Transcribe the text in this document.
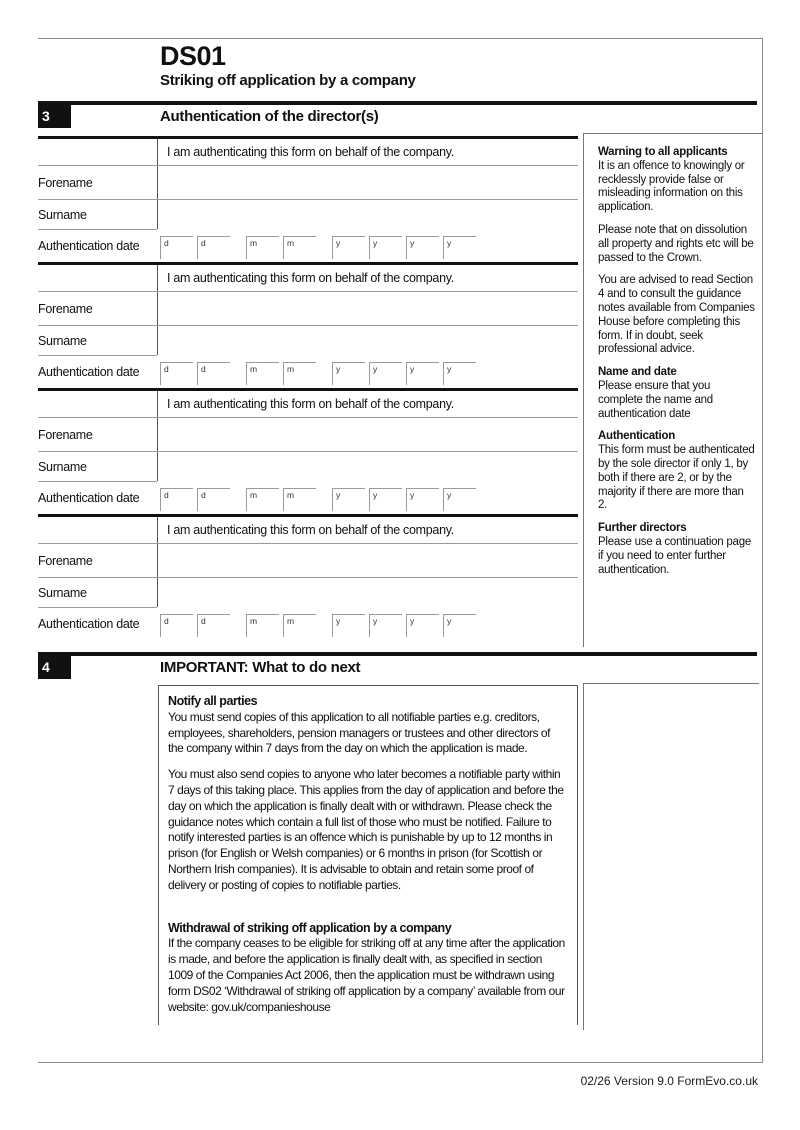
DS01
Striking off application by a company
3	Authentication of the director(s)
I am authenticating this form on behalf of the company.
Forename
Surname
Authentication date	d	d	m	m	y	y	y	y
I am authenticating this form on behalf of the company.
Forename
Surname
Authentication date	d	d	m	m	y	y	y	y
I am authenticating this form on behalf of the company.
Forename
Surname
Authentication date	d	d	m	m	y	y	y	y
I am authenticating this form on behalf of the company.
Forename
Surname
Authentication date	d	d	m	m	y	y	y	y
Warning to all applicants
It is an offence to knowingly or recklessly provide false or misleading information on this application.
Please note that on dissolution all property and rights etc will be passed to the Crown.
You are advised to read Section 4 and to consult the guidance notes available from Companies House before completing this form. If in doubt, seek professional advice.
Name and date
Please ensure that you complete the name and authentication date
Authentication
This form must be authenticated by the sole director if only 1, by both if there are 2, or by the majority if there are more than 2.
Further directors
Please use a continuation page if you need to enter further authentication.
4	IMPORTANT: What to do next
Notify all parties

You must send copies of this application to all notifiable parties e.g. creditors, employees, shareholders, pension managers or trustees and other directors of the company within 7 days from the day on which the application is made.

You must also send copies to anyone who later becomes a notifiable party within 7 days of this taking place. This applies from the day of application and before the day on which the application is finally dealt with or withdrawn. Please check the guidance notes which contain a full list of those who must be notified. Failure to notify interested parties is an offence which is punishable by up to 12 months in prison (for English or Welsh companies) or 6 months in prison (for Scottish or Northern Irish companies). It is advisable to obtain and retain some proof of delivery or posting of copies to notifiable parties.

Withdrawal of striking off application by a company

If the company ceases to be eligible for striking off at any time after the application is made, and before the application is finally dealt with, as specified in section 1009 of the Companies Act 2006, then the application must be withdrawn using form DS02 ‘Withdrawal of striking off application by a company’ available from our website: gov.uk/companieshouse

02/26 Version 9.0 FormEvo.co.uk
